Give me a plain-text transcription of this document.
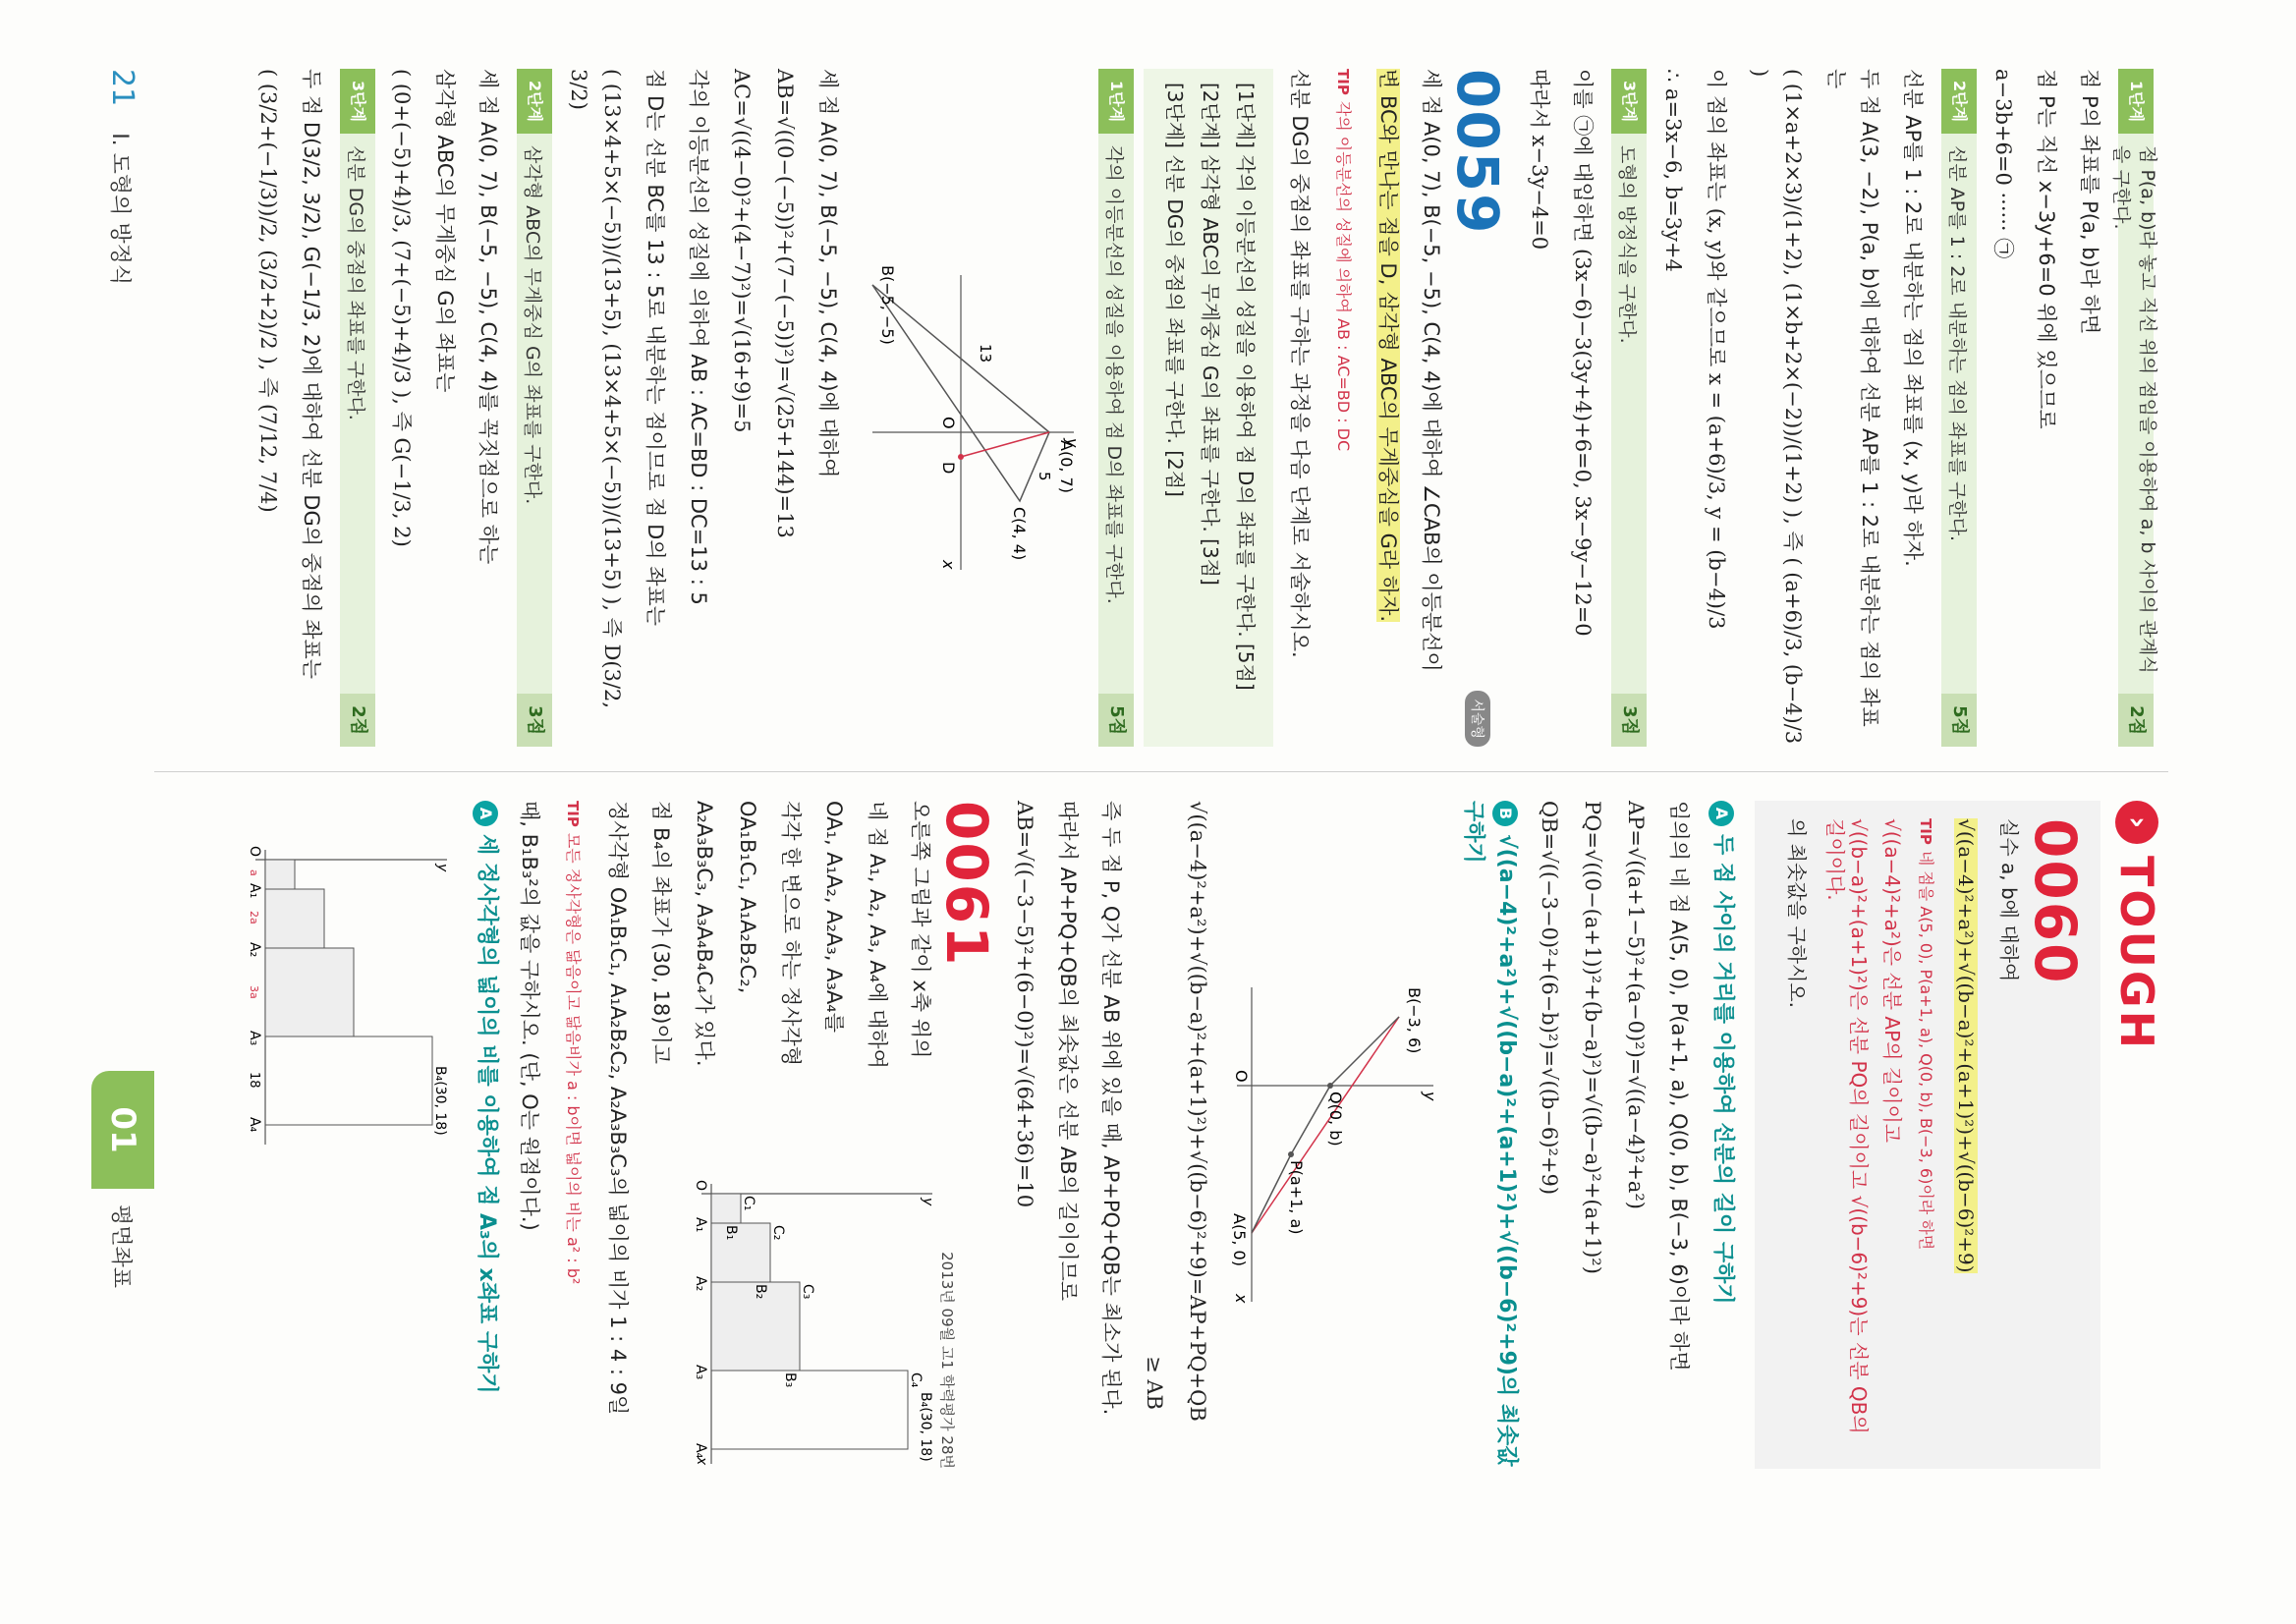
1단계
점 P(a, b)라 놓고 직선 위의 점임을 이용하여 a, b 사이의 관계식을 구한다.
2점

점 P의 좌표를 P(a, b)라 하면

점 P는 직선 x−3y+6=0 위에 있으므로

a−3b+6=0 ······ ㉠

2단계
선분 AP를 1 : 2로 내분하는 점의 좌표를 구한다.
5점

선분 AP를 1 : 2로 내분하는 점의 좌표를 (x, y)라 하자.

두 점 A(3, −2), P(a, b)에 대하여 선분 AP를 1 : 2로 내분하는 점의 좌표는

( (1×a+2×3)/(1+2), (1×b+2×(−2))/(1+2) ), 즉 ( (a+6)/3, (b−4)/3 )

이 점의 좌표는 (x, y)와 같으므로 x = (a+6)/3, y = (b−4)/3

∴ a=3x−6, b=3y+4

3단계
도형의 방정식을 구한다.
3점

이를 ㉠에 대입하면 (3x−6)−3(3y+4)+6=0, 3x−9y−12=0

따라서 x−3y−4=0

0059
서술형

세 점 A(0, 7), B(−5, −5), C(4, 4)에 대하여 ∠CAB의 이등분선이

변 BC와 만나는 점을 D, 삼각형 ABC의 무게중심을 G라 하자.

TIP각의 이등분선의 성질에 의하여 AB : AC=BD : DC

선분 DG의 중점의 좌표를 구하는 과정을 다음 단계로 서술하시오.

[1단계] 각의 이등분선의 성질을 이용하여 점 D의 좌표를 구한다. [5점]

[2단계] 삼각형 ABC의 무게중심 G의 좌표를 구한다. [3점]

[3단계] 선분 DG의 중점의 좌표를 구한다. [2점]

1단계
각의 이등분선의 성질을 이용하여 점 D의 좌표를 구한다.
5점
A(0, 7)
B(−5, −5)
C(4, 4)
D
O
x
13
5

세 점 A(0, 7), B(−5, −5), C(4, 4)에 대하여

AB=√((0−(−5))²+(7−(−5))²)=√(25+144)=13

AC=√((4−0)²+(4−7)²)=√(16+9)=5

각의 이등분선의 성질에 의하여 AB : AC=BD : DC=13 : 5

점 D는 선분 BC를 13 : 5로 내분하는 점이므로 점 D의 좌표는

( (13×4+5×(−5))/(13+5), (13×4+5×(−5))/(13+5) ), 즉 D(3/2, 3/2)

2단계
삼각형 ABC의 무게중심 G의 좌표를 구한다.
3점

세 점 A(0, 7), B(−5, −5), C(4, 4)를 꼭짓점으로 하는

삼각형 ABC의 무게중심 G의 좌표는

( (0+(−5)+4)/3, (7+(−5)+4)/3 ), 즉 G(−1/3, 2)

3단계
선분 DG의 중점의 좌표를 구한다.
2점

두 점 D(3/2, 3/2), G(−1/3, 2)에 대하여 선분 DG의 중점의 좌표는

( (3/2+(−1/3))/2, (3/2+2)/2 ), 즉 (7/12, 7/4)

›
TOUGH
0060

실수 a, b에 대하여

√((a−4)²+a²)+√((b−a)²+(a+1)²)+√((b−6)²+9)

TIP네 점을 A(5, 0), P(a+1, a), Q(0, b), B(−3, 6)이라 하면

√((a−4)²+a²)은 선분 AP의 길이이고

√((b−a)²+(a+1)²)은 선분 PQ의 길이이고 √((b−6)²+9)는 선분 QB의 길이이다.

의 최솟값을 구하시오.

A두 점 사이의 거리를 이용하여 선분의 길이 구하기

임의의 네 점 A(5, 0), P(a+1, a), Q(0, b), B(−3, 6)이라 하면

AP=√((a+1−5)²+(a−0)²)=√((a−4)²+a²)

PQ=√((0−(a+1))²+(b−a)²)=√((b−a)²+(a+1)²)

QB=√((−3−0)²+(6−b)²)=√((b−6)²+9)

B√((a−4)²+a²)+√((b−a)²+(a+1)²)+√((b−6)²+9)의 최솟값 구하기

B(−3, 6)
Q(0, b)
P(a+1, a)
A(5, 0)
O
x
y

√((a−4)²+a²)+√((b−a)²+(a+1)²)+√((b−6)²+9)=AP+PQ+QB

≥ AB

즉 두 점 P, Q가 선분 AB 위에 있을 때, AP+PQ+QB는 최소가 된다.

따라서 AP+PQ+QB의 최솟값은 선분 AB의 길이이므로

AB=√((−3−5)²+(6−0)²)=√(64+36)=10

0061
2013년 09월 고1 학력평가 28번

오른쪽 그림과 같이 x축 위의

네 점 A₁, A₂, A₃, A₄에 대하여

OA₁, A₁A₂, A₂A₃, A₃A₄를

각각 한 변으로 하는 정사각형

OA₁B₁C₁, A₁A₂B₂C₂,

A₂A₃B₃C₃, A₃A₄B₄C₄가 있다.

점 B₄의 좌표가 (30, 18)이고

O
A₁
A₂
A₃
A₄
C₁
C₂
C₃
C₄
B₁
B₂
B₃
B₄(30, 18)
x
y

정사각형 OA₁B₁C₁, A₁A₂B₂C₂, A₂A₃B₃C₃의 넓이의 비가 1 : 4 : 9일

TIP모든 정사각형은 닮음이고 닮음비가 a : b이면 넓이의 비는 a² : b²

때, B₁B₃²의 값을 구하시오. (단, O는 원점이다.)

A세 정사각형의 넓이의 비를 이용하여 점 A₃의 x좌표 구하기

O
A₁
A₂
A₃
A₄
a
2a
3a
18	B₄(30, 18)
y
21 I. 도형의 방정식
01
평면좌표
